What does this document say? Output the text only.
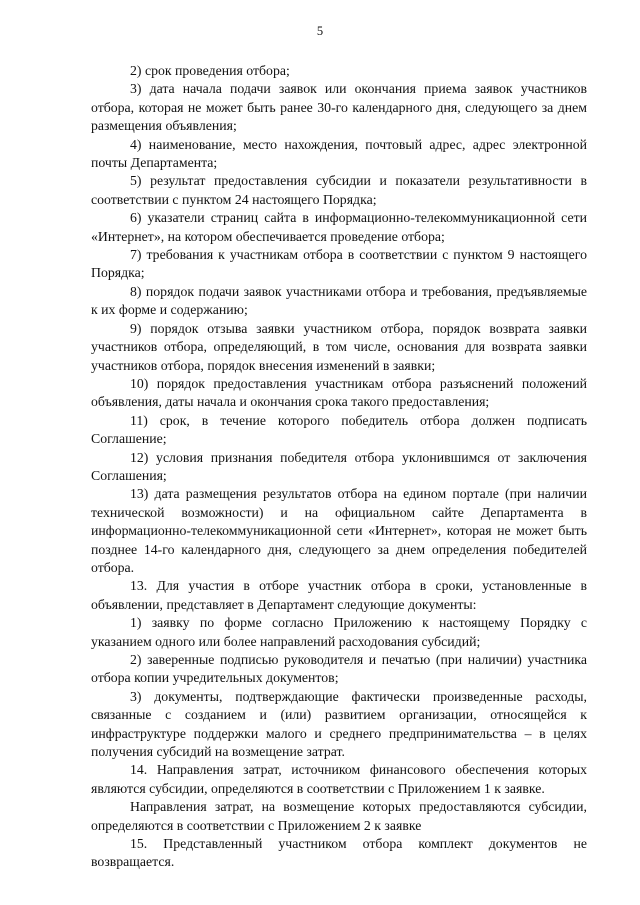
5

2) срок проведения отбора;

3) дата начала подачи заявок или окончания приема заявок участников отбора, которая не может быть ранее 30-го календарного дня, следующего за днем размещения объявления;

4) наименование, место нахождения, почтовый адрес, адрес электронной почты Департамента;

5) результат предоставления субсидии и показатели результативности в соответствии с пунктом 24 настоящего Порядка;

6) указатели страниц сайта в информационно-телекоммуникационной сети «Интернет», на котором обеспечивается проведение отбора;

7) требования к участникам отбора в соответствии с пунктом 9 настоящего Порядка;

8) порядок подачи заявок участниками отбора и требования, предъявляемые к их форме и содержанию;

9) порядок отзыва заявки участником отбора, порядок возврата заявки участников отбора, определяющий, в том числе, основания для возврата заявки участников отбора, порядок внесения изменений в заявки;

10) порядок предоставления участникам отбора разъяснений положений объявления, даты начала и окончания срока такого предоставления;

11) срок, в течение которого победитель отбора должен подписать Соглашение;

12) условия признания победителя отбора уклонившимся от заключения Соглашения;

13) дата размещения результатов отбора на едином портале (при наличии технической возможности) и на официальном сайте Департамента в информационно-телекоммуникационной сети «Интернет», которая не может быть позднее 14-го календарного дня, следующего за днем определения победителей отбора.

13. Для участия в отборе участник отбора в сроки, установленные в объявлении, представляет в Департамент следующие документы:

1) заявку по форме согласно Приложению к настоящему Порядку с указанием одного или более направлений расходования субсидий;

2) заверенные подписью руководителя и печатью (при наличии) участника отбора копии учредительных документов;

3) документы, подтверждающие фактически произведенные расходы, связанные с созданием и (или) развитием организации, относящейся к инфраструктуре поддержки малого и среднего предпринимательства – в целях получения субсидий на возмещение затрат.

14. Направления затрат, источником финансового обеспечения которых являются субсидии, определяются в соответствии с Приложением 1 к заявке.

Направления затрат, на возмещение которых предоставляются субсидии, определяются в соответствии с Приложением 2 к заявке

15. Представленный участником отбора комплект документов не возвращается.
